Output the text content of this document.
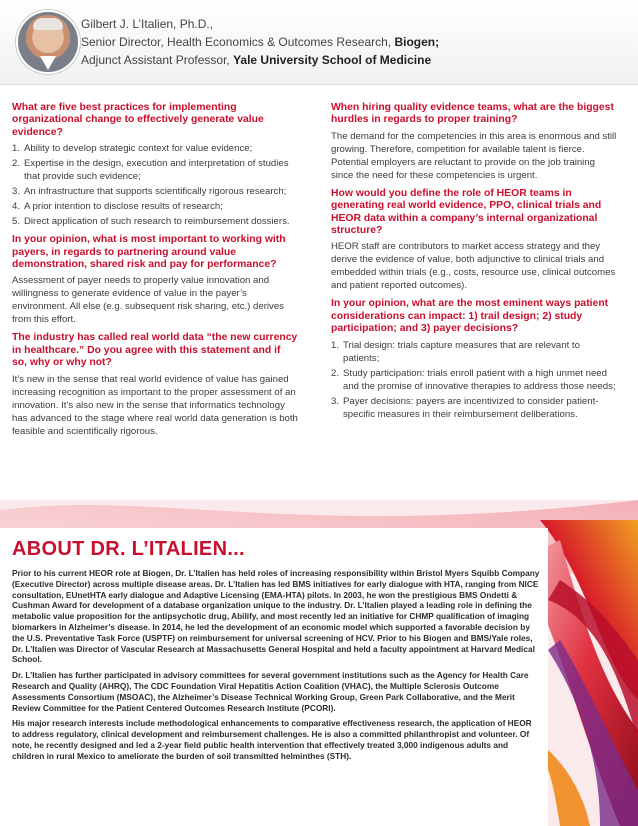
Gilbert J. L’Italien, Ph.D.,
Senior Director, Health Economics & Outcomes Research, Biogen;
Adjunct Assistant Professor, Yale University School of Medicine
What are five best practices for implementing organizational change to effectively generate value evidence?
1. Ability to develop strategic context for value evidence;
2. Expertise in the design, execution and interpretation of studies that provide such evidence;
3. An infrastructure that supports scientifically rigorous research;
4. A prior intention to disclose results of research;
5. Direct application of such research to reimbursement dossiers.
In your opinion, what is most important to working with payers, in regards to partnering around value demonstration, shared risk and pay for performance?
Assessment of payer needs to properly value innovation and willingness to generate evidence of value in the payer’s environment. All else (e.g. subsequent risk sharing, etc.) derives from this effort.
The industry has called real world data “the new currency in healthcare.” Do you agree with this statement and if so, why or why not?
It’s new in the sense that real world evidence of value has gained increasing recognition as important to the proper assessment of an innovation. It’s also new in the sense that informatics technology has advanced to the stage where real world data generation is both feasible and scientifically rigorous.
When hiring quality evidence teams, what are the biggest hurdles in regards to proper training?
The demand for the competencies in this area is enormous and still growing. Therefore, competition for available talent is fierce. Potential employers are reluctant to provide on the job training since the need for these competencies is urgent.
How would you define the role of HEOR teams in generating real world evidence, PPO, clinical trials and HEOR data within a company’s internal organizational structure?
HEOR staff are contributors to market access strategy and they derive the evidence of value, both adjunctive to clinical trials and embedded within trials (e.g., costs, resource use, clinical outcomes and patient reported outcomes).
In your opinion, what are the most eminent ways patient considerations can impact: 1) trail design; 2) study participation; and 3) payer decisions?
1. Trial design: trials capture measures that are relevant to patients;
2. Study participation: trials enroll patient with a high unmet need and the promise of innovative therapies to address those needs;
3. Payer decisions: payers are incentivized to consider patient-specific measures in their reimbursement deliberations.
ABOUT DR. L’ITALIEN...

Prior to his current HEOR role at Biogen, Dr. L’Italien has held roles of increasing responsibility within Bristol Myers Squibb Company (Executive Director) across multiple disease areas. Dr. L’Italien has led BMS initiatives for early dialogue with HTA, ranging from NICE consultation, EUnetHTA early dialogue and Adaptive Licensing (EMA-HTA) pilots. In 2003, he won the prestigious BMS Ondetti & Cushman Award for development of a database organization unique to the industry. Dr. L’Italien played a leading role in defining the metabolic value proposition for the antipsychotic drug, Abilify, and most recently led an initiative for CHMP qualification of imaging biomarkers in Alzheimer’s disease. In 2014, he led the development of an economic model which supported a favorable decision by the U.S. Preventative Task Force (USPTF) on reimbursement for universal screening of HCV. Prior to his Biogen and BMS/Yale roles, Dr. L’Italien was Director of Vascular Research at Massachusetts General Hospital and held a faculty appointment at Harvard Medical School.

Dr. L’Italien has further participated in advisory committees for several government institutions such as the Agency for Health Care Research and Quality (AHRQ), The CDC Foundation Viral Hepatitis Action Coalition (VHAC), the Multiple Sclerosis Outcome Assessments Consortium (MSOAC), the Alzheimer’s Disease Technical Working Group, Green Park Collaborative, and the Merit Review Committee for the Patient Centered Outcomes Research Institute (PCORI).

His major research interests include methodological enhancements to comparative effectiveness research, the application of HEOR to address regulatory, clinical development and reimbursement challenges. He is also a committed philanthropist and volunteer. Of note, he recently designed and led a 2-year field public health intervention that effectively treated 3,000 indigenous adults and children in rural Mexico to ameliorate the burden of soil transmitted helminthes (STH).
